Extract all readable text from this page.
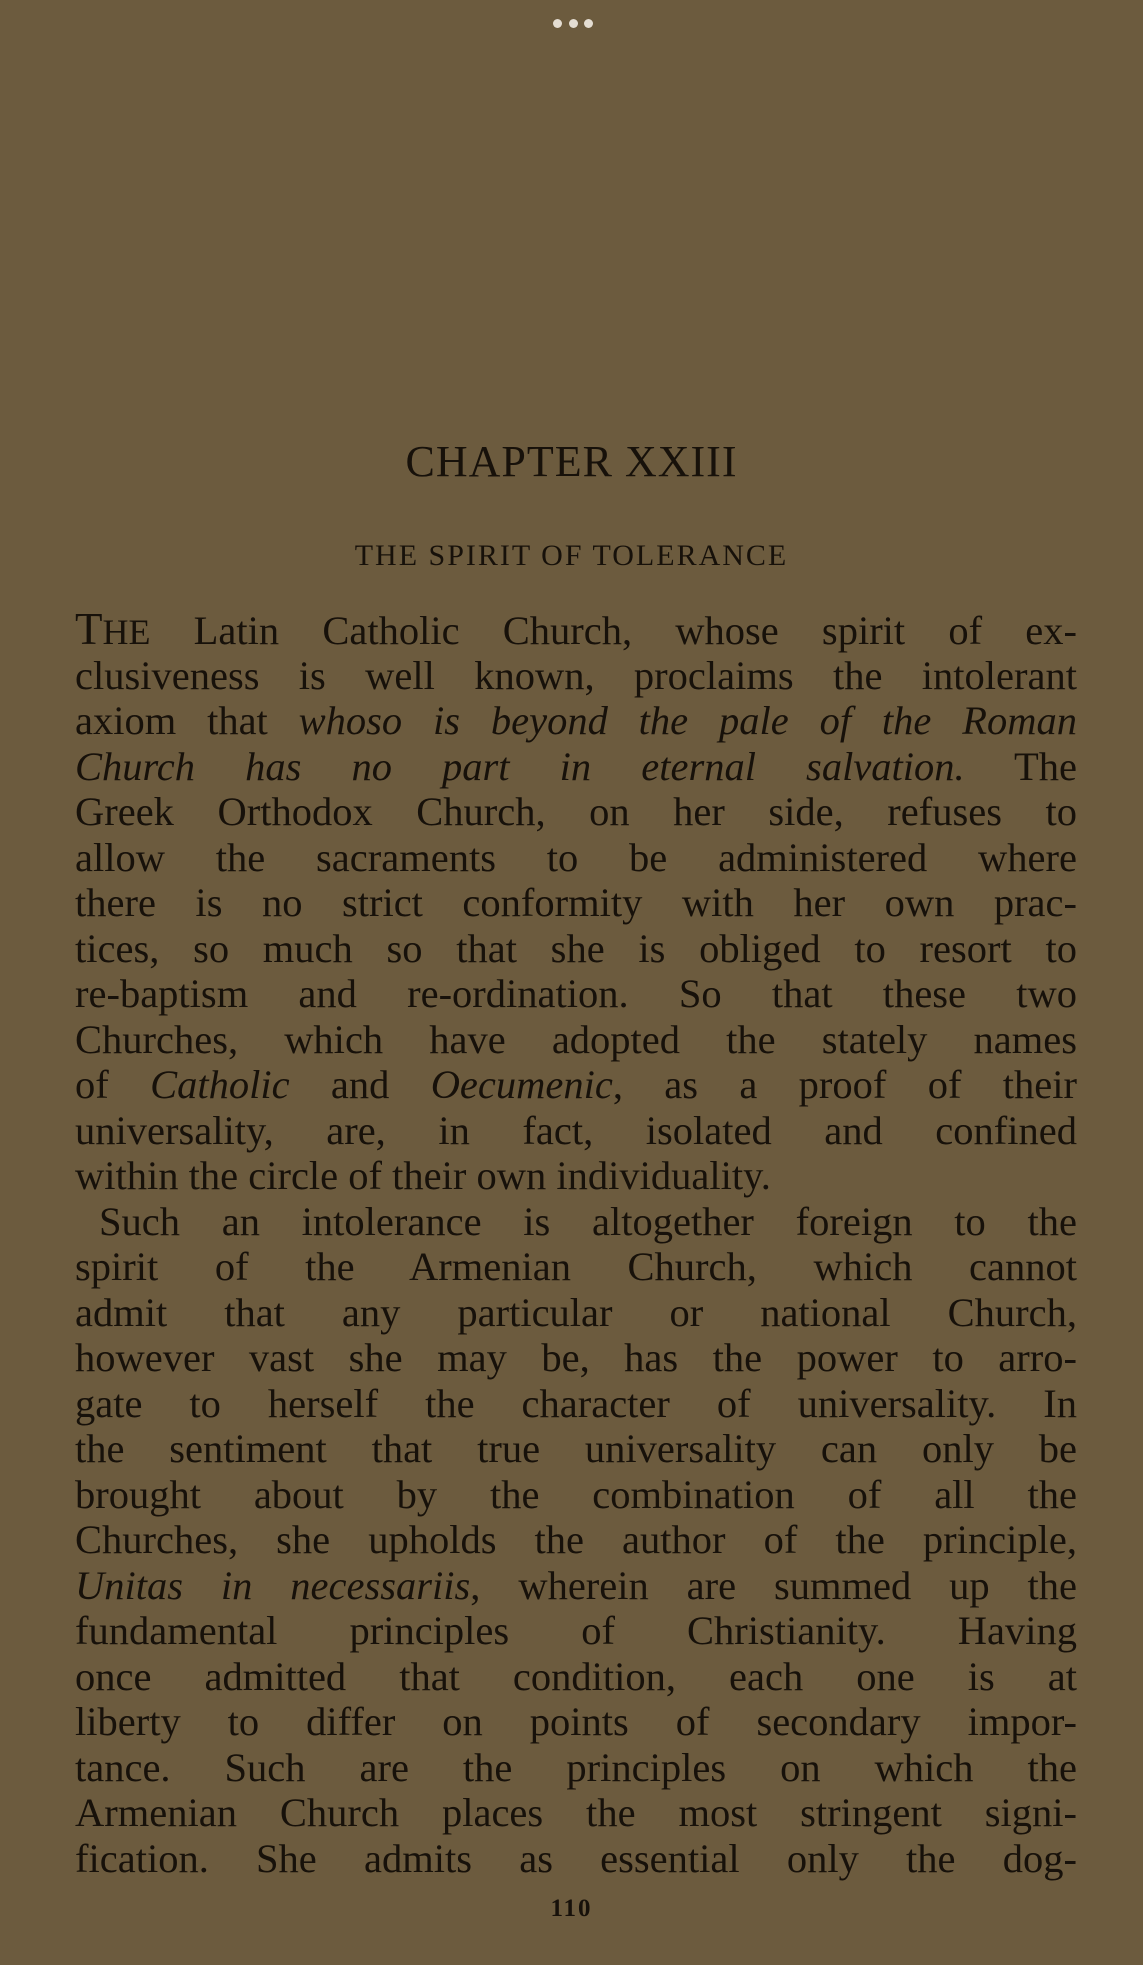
CHAPTER XXIII
THE SPIRIT OF TOLERANCE
THE Latin Catholic Church, whose spirit of ex-
clusiveness is well known, proclaims the intolerant
axiom that whoso is beyond the pale of the Roman
Church has no part in eternal salvation. The
Greek Orthodox Church, on her side, refuses to
allow the sacraments to be administered where
there is no strict conformity with her own prac-
tices, so much so that she is obliged to resort to
re-baptism and re-ordination. So that these two
Churches, which have adopted the stately names
of Catholic and Oecumenic, as a proof of their
universality, are, in fact, isolated and confined
within the circle of their own individuality.
Such an intolerance is altogether foreign to the
spirit of the Armenian Church, which cannot
admit that any particular or national Church,
however vast she may be, has the power to arro-
gate to herself the character of universality. In
the sentiment that true universality can only be
brought about by the combination of all the
Churches, she upholds the author of the principle,
Unitas in necessariis, wherein are summed up the
fundamental principles of Christianity. Having
once admitted that condition, each one is at
liberty to differ on points of secondary impor-
tance. Such are the principles on which the
Armenian Church places the most stringent signi-
fication. She admits as essential only the dog-
110
